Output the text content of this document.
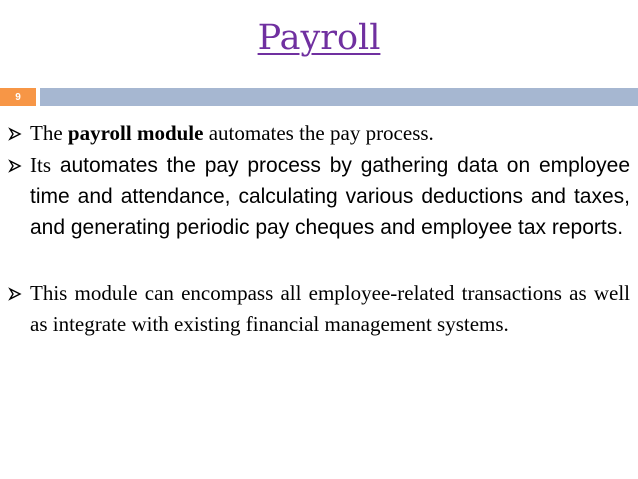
Payroll
9
The payroll module automates the pay process.
Its automates the pay process by gathering data on employee time and attendance, calculating various deductions and taxes, and generating periodic pay cheques and employee tax reports.
This module can encompass all employee-related transactions as well as integrate with existing financial management systems.
